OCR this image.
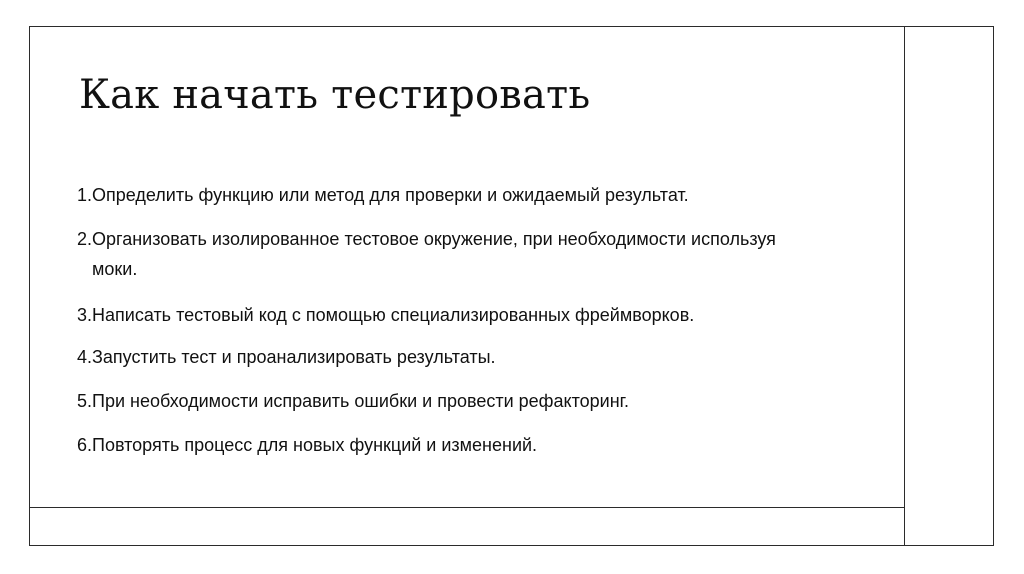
Как начать тестировать
1. Определить функцию или метод для проверки и ожидаемый результат.
2. Организовать изолированное тестовое окружение, при необходимости используя моки.
3. Написать тестовый код с помощью специализированных фреймворков.
4. Запустить тест и проанализировать результаты.
5. При необходимости исправить ошибки и провести рефакторинг.
6. Повторять процесс для новых функций и изменений.
